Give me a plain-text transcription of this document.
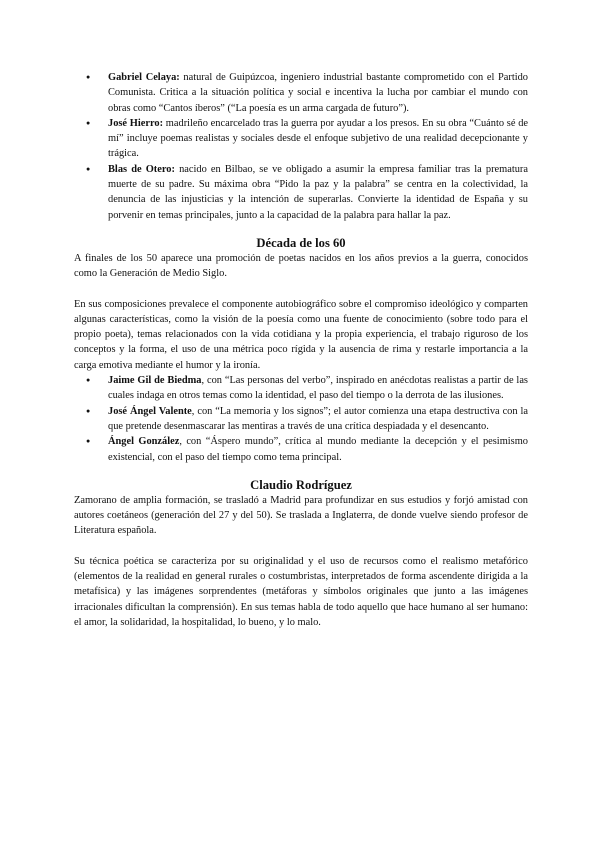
● Gabriel Celaya: natural de Guipúzcoa, ingeniero industrial bastante comprometido con el Partido Comunista. Critica a la situación política y social e incentiva la lucha por cambiar el mundo con obras como “Cantos íberos” (“La poesía es un arma cargada de futuro”).
● José Hierro: madrileño encarcelado tras la guerra por ayudar a los presos. En su obra “Cuánto sé de mí” incluye poemas realistas y sociales desde el enfoque subjetivo de una realidad decepcionante y trágica.
● Blas de Otero: nacido en Bilbao, se ve obligado a asumir la empresa familiar tras la prematura muerte de su padre. Su máxima obra “Pido la paz y la palabra” se centra en la colectividad, la denuncia de las injusticias y la intención de superarlas. Convierte la identidad de España y su porvenir en temas principales, junto a la capacidad de la palabra para hallar la paz.
Década de los 60

A finales de los 50 aparece una promoción de poetas nacidos en los años previos a la guerra, conocidos como la Generación de Medio Siglo.

En sus composiciones prevalece el componente autobiográfico sobre el compromiso ideológico y comparten algunas características, como la visión de la poesía como una fuente de conocimiento (sobre todo para el propio poeta), temas relacionados con la vida cotidiana y la propia experiencia, el trabajo riguroso de los conceptos y la forma, el uso de una métrica poco rígida y la ausencia de rima y restarle importancia a la carga emotiva mediante el humor y la ironía.

● Jaime Gil de Biedma, con “Las personas del verbo”, inspirado en anécdotas realistas a partir de las cuales indaga en otros temas como la identidad, el paso del tiempo o la derrota de las ilusiones.
● José Ángel Valente, con “La memoria y los signos”; el autor comienza una etapa destructiva con la que pretende desenmascarar las mentiras a través de una crítica despiadada y el desencanto.
● Ángel González, con “Áspero mundo”, crítica al mundo mediante la decepción y el pesimismo existencial, con el paso del tiempo como tema principal.
Claudio Rodríguez

Zamorano de amplia formación, se trasladó a Madrid para profundizar en sus estudios y forjó amistad con autores coetáneos (generación del 27 y del 50). Se traslada a Inglaterra, de donde vuelve siendo profesor de Literatura española.

Su técnica poética se caracteriza por su originalidad y el uso de recursos como el realismo metafórico (elementos de la realidad en general rurales o costumbristas, interpretados de forma ascendente dirigida a la metafísica) y las imágenes sorprendentes (metáforas y símbolos originales que junto a las imágenes irracionales dificultan la comprensión). En sus temas habla de todo aquello que hace humano al ser humano: el amor, la solidaridad, la hospitalidad, lo bueno, y lo malo.
